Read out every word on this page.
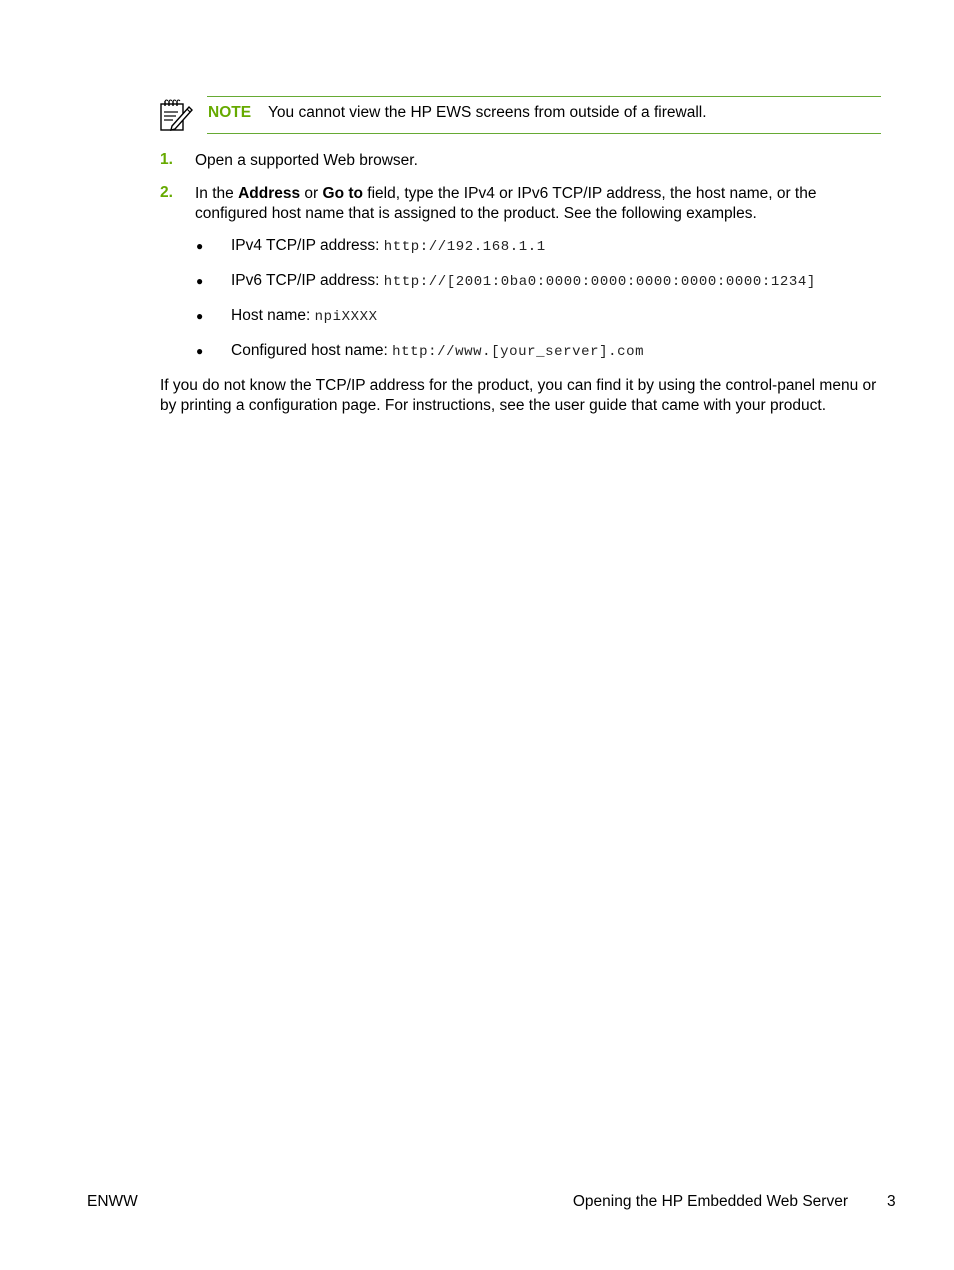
NOTE You cannot view the HP EWS screens from outside of a firewall.
1. Open a supported Web browser.
2. In the Address or Go to field, type the IPv4 or IPv6 TCP/IP address, the host name, or the configured host name that is assigned to the product. See the following examples.
● IPv4 TCP/IP address: http://192.168.1.1
● IPv6 TCP/IP address: http://[2001:0ba0:0000:0000:0000:0000:0000:1234]
● Host name: npiXXXX
● Configured host name: http://www.[your_server].com
If you do not know the TCP/IP address for the product, you can find it by using the control-panel menu or by printing a configuration page. For instructions, see the user guide that came with your product.
ENWW	Opening the HP Embedded Web Server	3
